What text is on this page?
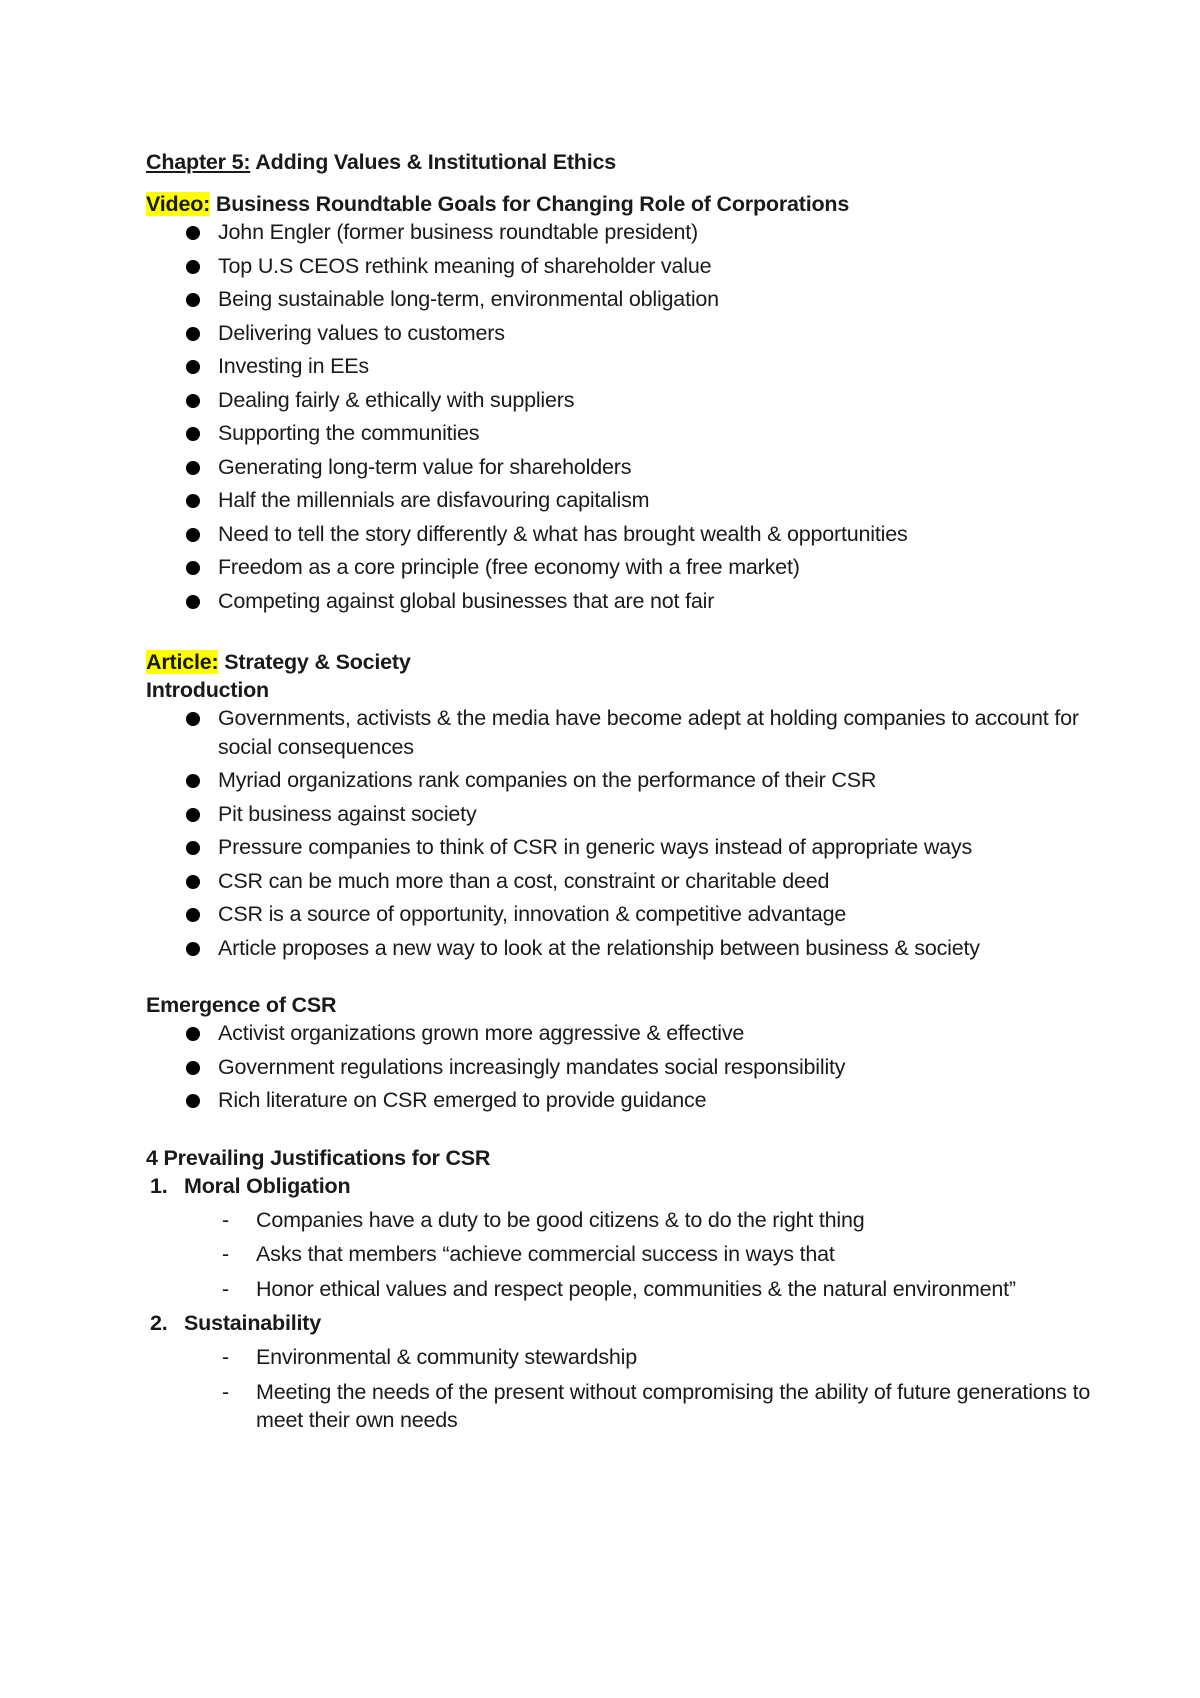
Chapter 5: Adding Values & Institutional Ethics

Video: Business Roundtable Goals for Changing Role of Corporations

John Engler (former business roundtable president)
Top U.S CEOS rethink meaning of shareholder value
Being sustainable long-term, environmental obligation
Delivering values to customers
Investing in EEs
Dealing fairly & ethically with suppliers
Supporting the communities
Generating long-term value for shareholders
Half the millennials are disfavouring capitalism
Need to tell the story differently & what has brought wealth & opportunities
Freedom as a core principle (free economy with a free market)
Competing against global businesses that are not fair

Article: Strategy & Society

Introduction

Governments, activists & the media have become adept at holding companies to account for social consequences
Myriad organizations rank companies on the performance of their CSR
Pit business against society
Pressure companies to think of CSR in generic ways instead of appropriate ways
CSR can be much more than a cost, constraint or charitable deed
CSR is a source of opportunity, innovation & competitive advantage
Article proposes a new way to look at the relationship between business & society

Emergence of CSR

Activist organizations grown more aggressive & effective
Government regulations increasingly mandates social responsibility
Rich literature on CSR emerged to provide guidance

4 Prevailing Justifications for CSR

1. Moral Obligation
- Companies have a duty to be good citizens & to do the right thing
- Asks that members “achieve commercial success in ways that
- Honor ethical values and respect people, communities & the natural environment”
2. Sustainability
- Environmental & community stewardship
- Meeting the needs of the present without compromising the ability of future generations to meet their own needs
